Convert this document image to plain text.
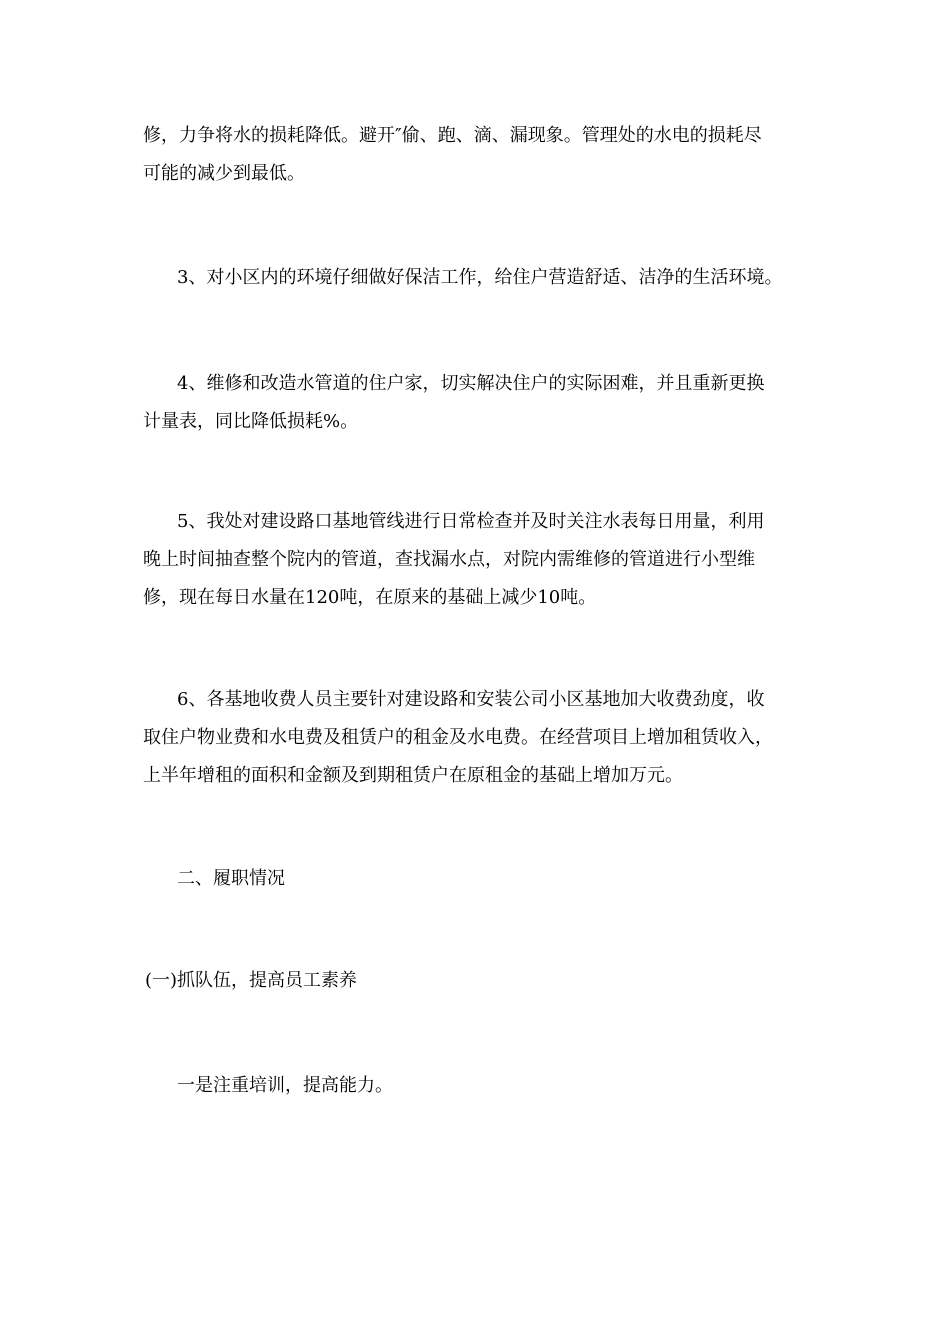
修，力争将水的损耗降低。避开″偷、跑、滴、漏现象。管理处的水电的损耗尽
可能的减少到最低。

3、对小区内的环境仔细做好保洁工作，给住户营造舒适、洁净的生活环境。

4、维修和改造水管道的住户家，切实解决住户的实际困难，并且重新更换
计量表，同比降低损耗%。

5、我处对建设路口基地管线进行日常检查并及时关注水表每日用量，利用
晚上时间抽查整个院内的管道，查找漏水点，对院内需维修的管道进行小型维
修，现在每日水量在120吨，在原来的基础上减少10吨。

6、各基地收费人员主要针对建设路和安装公司小区基地加大收费劲度，收
取住户物业费和水电费及租赁户的租金及水电费。在经营项目上增加租赁收入，
上半年增租的面积和金额及到期租赁户在原租金的基础上增加万元。

二、履职情况

(一)抓队伍，提高员工素养

一是注重培训，提高能力。
